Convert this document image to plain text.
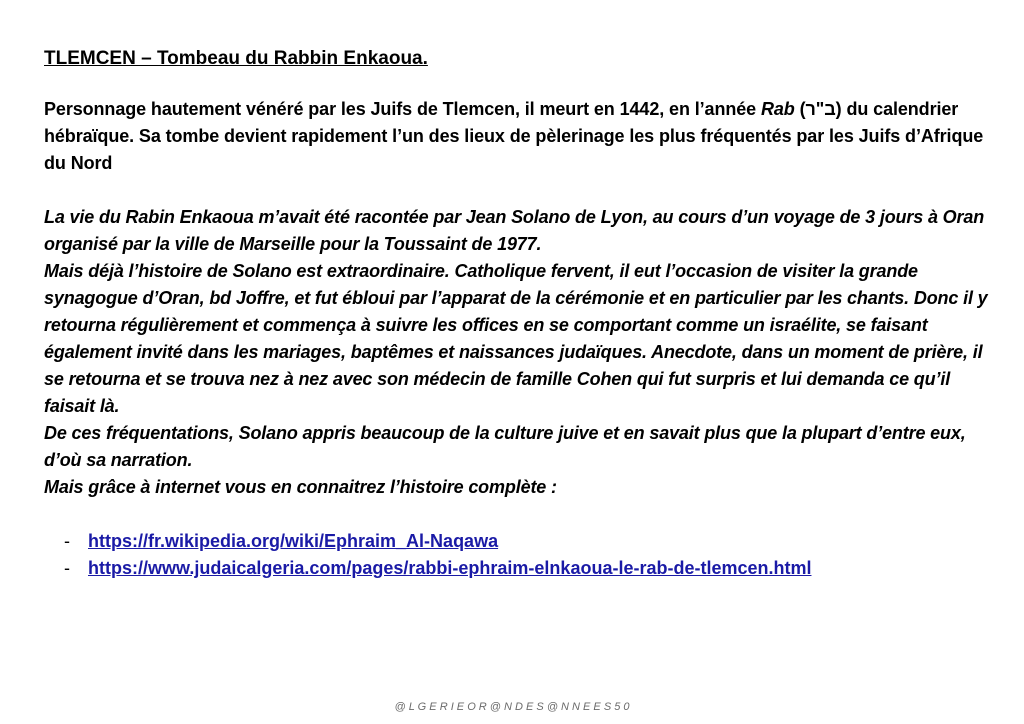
TLEMCEN – Tombeau du Rabbin Enkaoua.

Personnage hautement vénéré par les Juifs de Tlemcen, il meurt en 1442, en l’année Rab (ב"ר) du calendrier hébraïque. Sa tombe devient rapidement l’un des lieux de pèlerinage les plus fréquentés par les Juifs d’Afrique du Nord

La vie du Rabin Enkaoua m’avait été racontée par Jean Solano de Lyon, au cours d’un voyage de 3 jours à Oran organisé par la ville de Marseille pour la Toussaint de 1977.

Mais déjà l’histoire de Solano est extraordinaire. Catholique fervent, il eut l’occasion de visiter la grande synagogue d’Oran, bd Joffre, et fut ébloui par l’apparat de la cérémonie et en particulier par les chants. Donc il y retourna régulièrement et commença à suivre les offices en se comportant comme un israélite, se faisant également invité dans les mariages, baptêmes et naissances judaïques. Anecdote, dans un moment de prière, il se retourna et se trouva nez à nez avec son médecin de famille Cohen qui fut surpris et lui demanda ce qu’il faisait là.

De ces fréquentations, Solano appris beaucoup de la culture juive et en savait plus que la plupart d’entre eux, d’où sa narration.

Mais grâce à internet vous en connaitrez l’histoire complète :

-	https://fr.wikipedia.org/wiki/Ephraim_Al-Naqawa
-	https://www.judaicalgeria.com/pages/rabbi-ephraim-elnkaoua-le-rab-de-tlemcen.html
@ L G E R I E O R @ N D E S @ N N E E S 5 0
